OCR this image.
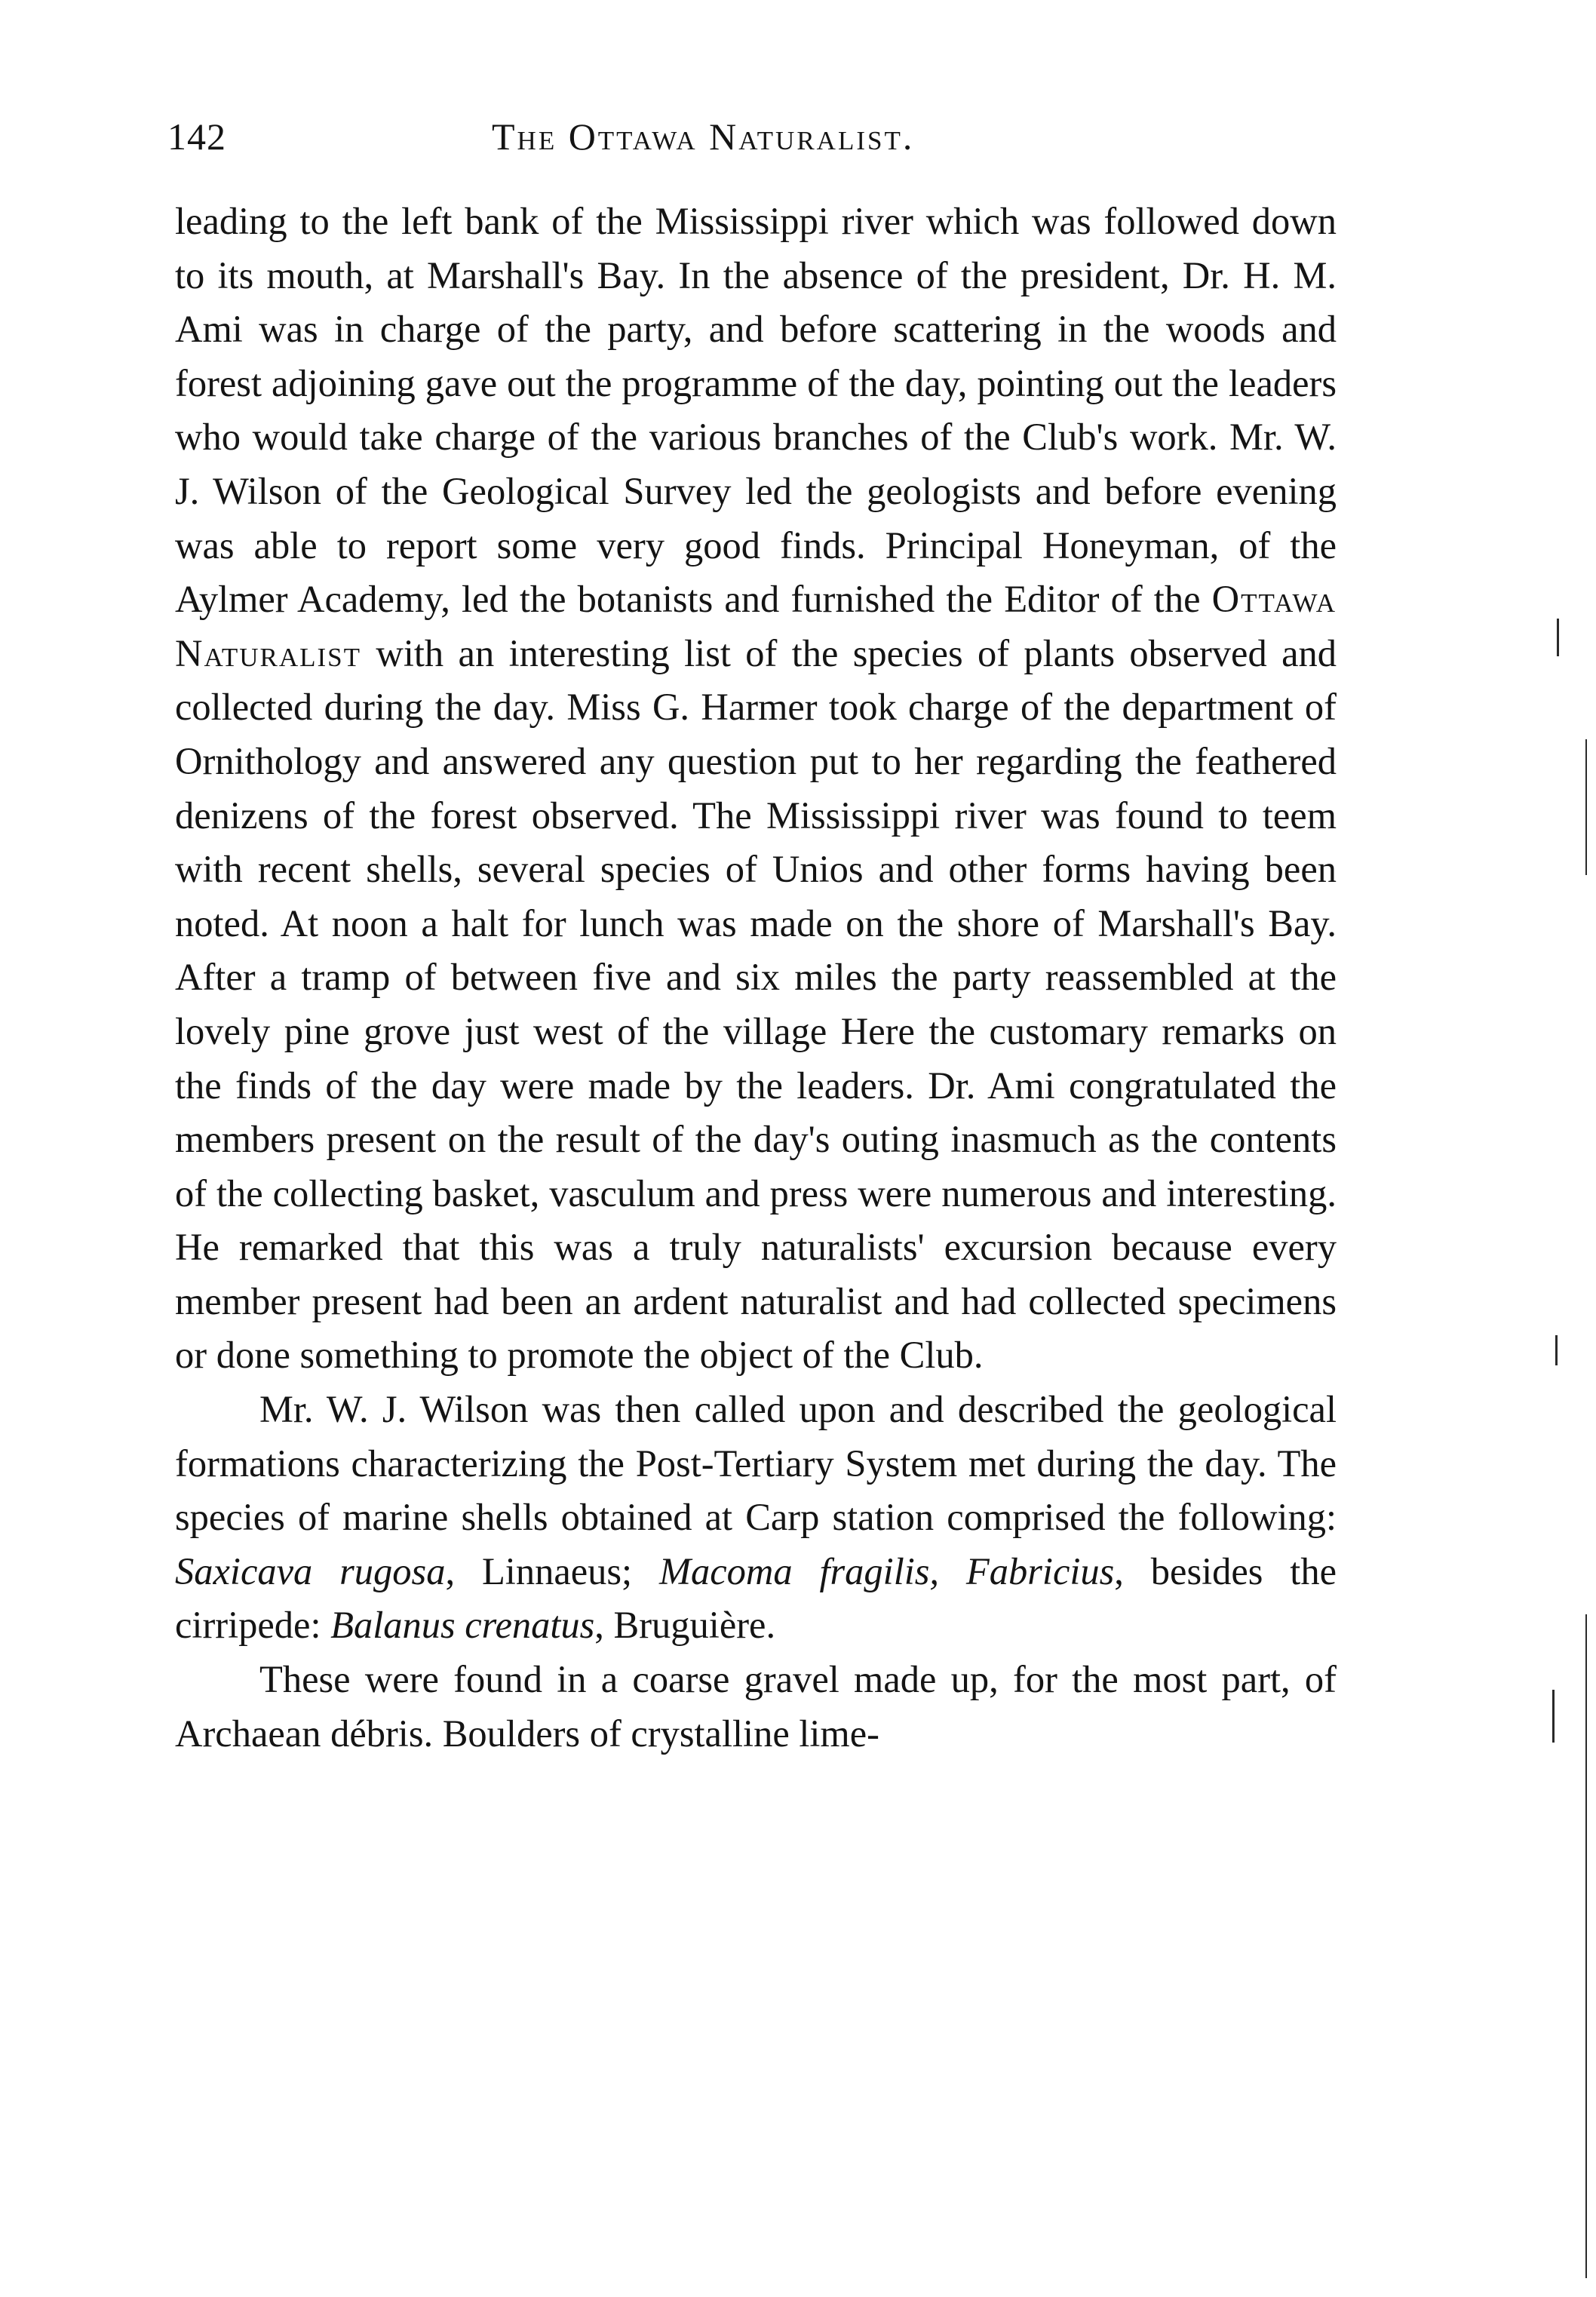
142	The Ottawa Naturalist.

leading to the left bank of the Mississippi river which was followed down to its mouth, at Marshall's Bay. In the absence of the president, Dr. H. M. Ami was in charge of the party, and before scattering in the woods and forest adjoining gave out the programme of the day, pointing out the leaders who would take charge of the various branches of the Club's work. Mr. W. J. Wilson of the Geological Survey led the geologists and before evening was able to report some very good finds. Principal Honeyman, of the Aylmer Academy, led the botanists and furnished the Editor of the Ottawa Naturalist with an interesting list of the species of plants observed and collected during the day. Miss G. Harmer took charge of the department of Ornithology and answered any question put to her regarding the feathered denizens of the forest observed. The Mississippi river was found to teem with recent shells, several species of Unios and other forms having been noted. At noon a halt for lunch was made on the shore of Marshall's Bay. After a tramp of between five and six miles the party reassembled at the lovely pine grove just west of the village Here the customary remarks on the finds of the day were made by the leaders. Dr. Ami congratulated the members present on the result of the day's outing inasmuch as the contents of the collecting basket, vasculum and press were numerous and interesting. He remarked that this was a truly naturalists' excursion because every member present had been an ardent naturalist and had collected specimens or done something to promote the object of the Club.

Mr. W. J. Wilson was then called upon and described the geological formations characterizing the Post-Tertiary System met during the day. The species of marine shells obtained at Carp station comprised the following: Saxicava rugosa, Linnaeus; Macoma fragilis, Fabricius, besides the cirripede: Balanus crenatus, Bruguière.

These were found in a coarse gravel made up, for the most part, of Archaean débris. Boulders of crystalline lime-
